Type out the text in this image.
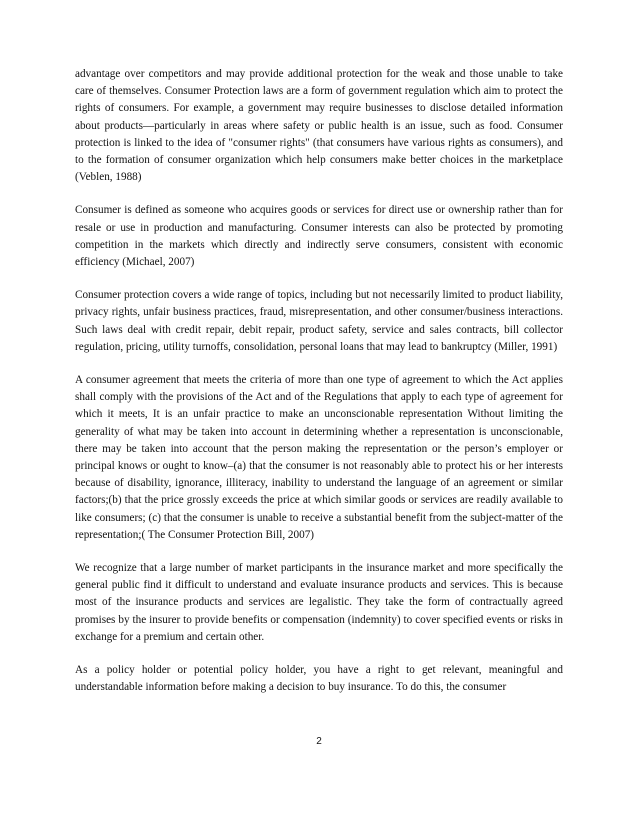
advantage over competitors and may provide additional protection for the weak and those unable to take care of themselves. Consumer Protection laws are a form of government regulation which aim to protect the rights of consumers. For example, a government may require businesses to disclose detailed information about products—particularly in areas where safety or public health is an issue, such as food. Consumer protection is linked to the idea of "consumer rights" (that consumers have various rights as consumers), and to the formation of consumer organization which help consumers make better choices in the marketplace (Veblen, 1988)

Consumer is defined as someone who acquires goods or services for direct use or ownership rather than for resale or use in production and manufacturing. Consumer interests can also be protected by promoting competition in the markets which directly and indirectly serve consumers, consistent with economic efficiency (Michael, 2007)

Consumer protection covers a wide range of topics, including but not necessarily limited to product liability, privacy rights, unfair business practices, fraud, misrepresentation, and other consumer/business interactions. Such laws deal with credit repair, debit repair, product safety, service and sales contracts, bill collector regulation, pricing, utility turnoffs, consolidation, personal loans that may lead to bankruptcy (Miller, 1991)

A consumer agreement that meets the criteria of more than one type of agreement to which the Act applies shall comply with the provisions of the Act and of the Regulations that apply to each type of agreement for which it meets, It is an unfair practice to make an unconscionable representation Without limiting the generality of what may be taken into account in determining whether a representation is unconscionable, there may be taken into account that the person making the representation or the person’s employer or principal knows or ought to know–(a) that the consumer is not reasonably able to protect his or her interests because of disability, ignorance, illiteracy, inability to understand the language of an agreement or similar factors;(b) that the price grossly exceeds the price at which similar goods or services are readily available to like consumers; (c) that the consumer is unable to receive a substantial benefit from the subject-matter of the representation;( The Consumer Protection Bill, 2007)

We recognize that a large number of market participants in the insurance market and more specifically the general public find it difficult to understand and evaluate insurance products and services. This is because most of the insurance products and services are legalistic. They take the form of contractually agreed promises by the insurer to provide benefits or compensation (indemnity) to cover specified events or risks in exchange for a premium and certain other.

As a policy holder or potential policy holder, you have a right to get relevant, meaningful and understandable information before making a decision to buy insurance. To do this, the consumer

2
